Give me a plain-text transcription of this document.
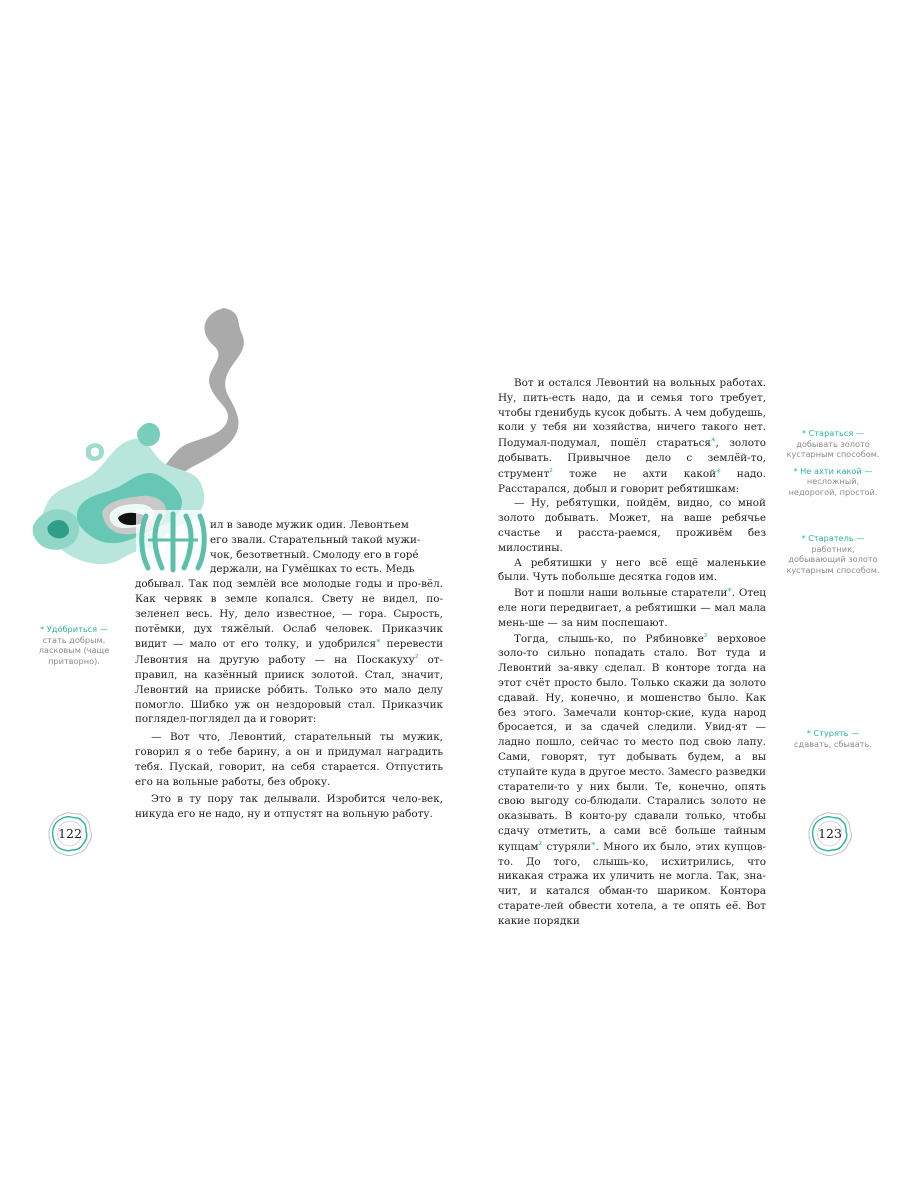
ил в заводе мужик один. Левонтьем

его звали. Старательный такой мужи-

чок, безответный. Смолоду его в горé

держали, на Гумёшках то есть. Медь

добывал. Так под землёй все молодые годы и про-вёл. Как червяк в земле копался. Свету не видел, по-зеленел весь. Ну, дело известное, — гора. Сырость, потёмки, дух тяжёлый. Ослаб человек. Приказчик видит — мало от его толку, и удобрился* перевести Левонтия на другую работу — на Поскакуху² от-правил, на казённый прииск золотой. Стал, значит, Левонтий на прииске рóбить. Только это мало делу помогло. Шибко уж он нездоровый стал. Приказчик поглядел-поглядел да и говорит:

— Вот что, Левонтий, старательный ты мужик, говорил я о тебе барину, а он и придумал наградить тебя. Пускай, говорит, на себя старается. Отпустить его на вольные работы, без оброку.

Это в ту пору так делывали. Изробится чело-век, никуда его не надо, ну и отпустят на вольную работу.

* Удóбриться —
стать добрым, ласковым (чаще притворно).

Вот и остался Левонтий на вольных работах. Ну, пить-есть надо, да и семья того требует, чтобы гденибудь кусок добыть. А чем добудешь, коли у тебя ни хозяйства, ничего такого нет. Подумал-подумал, пошёл стараться*, золото добывать. Привычное дело с землёй-то, струмент² тоже не ахти какой* надо. Расстарался, добыл и говорит ребятишкам:

— Ну, ребятушки, пойдём, видно, со мной золото добывать. Может, на ваше ребячье счастье и расста-раемся, проживём без милостины.

А ребятишки у него всё ещё маленькие были. Чуть побольше десятка годов им.

Вот и пошли наши вольные старатели*. Отец еле ноги передвигает, а ребятишки — мал мала мень-ше — за ним поспешают.

Тогда, слышь-ко, по Рябиновке² верховое золо-то сильно попадать стало. Вот туда и Левонтий за-явку сделал. В конторе тогда на этот счёт просто было. Только скажи да золото сдавай. Ну, конечно, и мошенство было. Как без этого. Замечали контор-ские, куда народ бросается, и за сдачей следили. Увид-ят — ладно пошло, сейчас то место под свою лапу. Сами, говорят, тут добывать будем, а вы ступайте куда в другое место. Замесго разведки старатели-то у них были. Те, конечно, опять свою выгоду со-блюдали. Старались золото не оказывать. В конто-ру сдавали только, чтобы сдачу отметить, а сами всё больше тайным купцам² стуряли*. Много их было, этих купцов-то. До того, слышь-ко, исхитрились, что никакая стража их уличить не могла. Так, зна-чит, и катался обман-то шариком. Контора старате-лей обвести хотела, а те опять её. Вот какие порядки

* Стараться —
добывать золото кустарным способом.
* Не ахти какой —
несложный, недорогой, простой.
* Старатель —
работник, добывающий золото кустарным способом.
* Стурять —
сдавать, сбывать.
122	123
